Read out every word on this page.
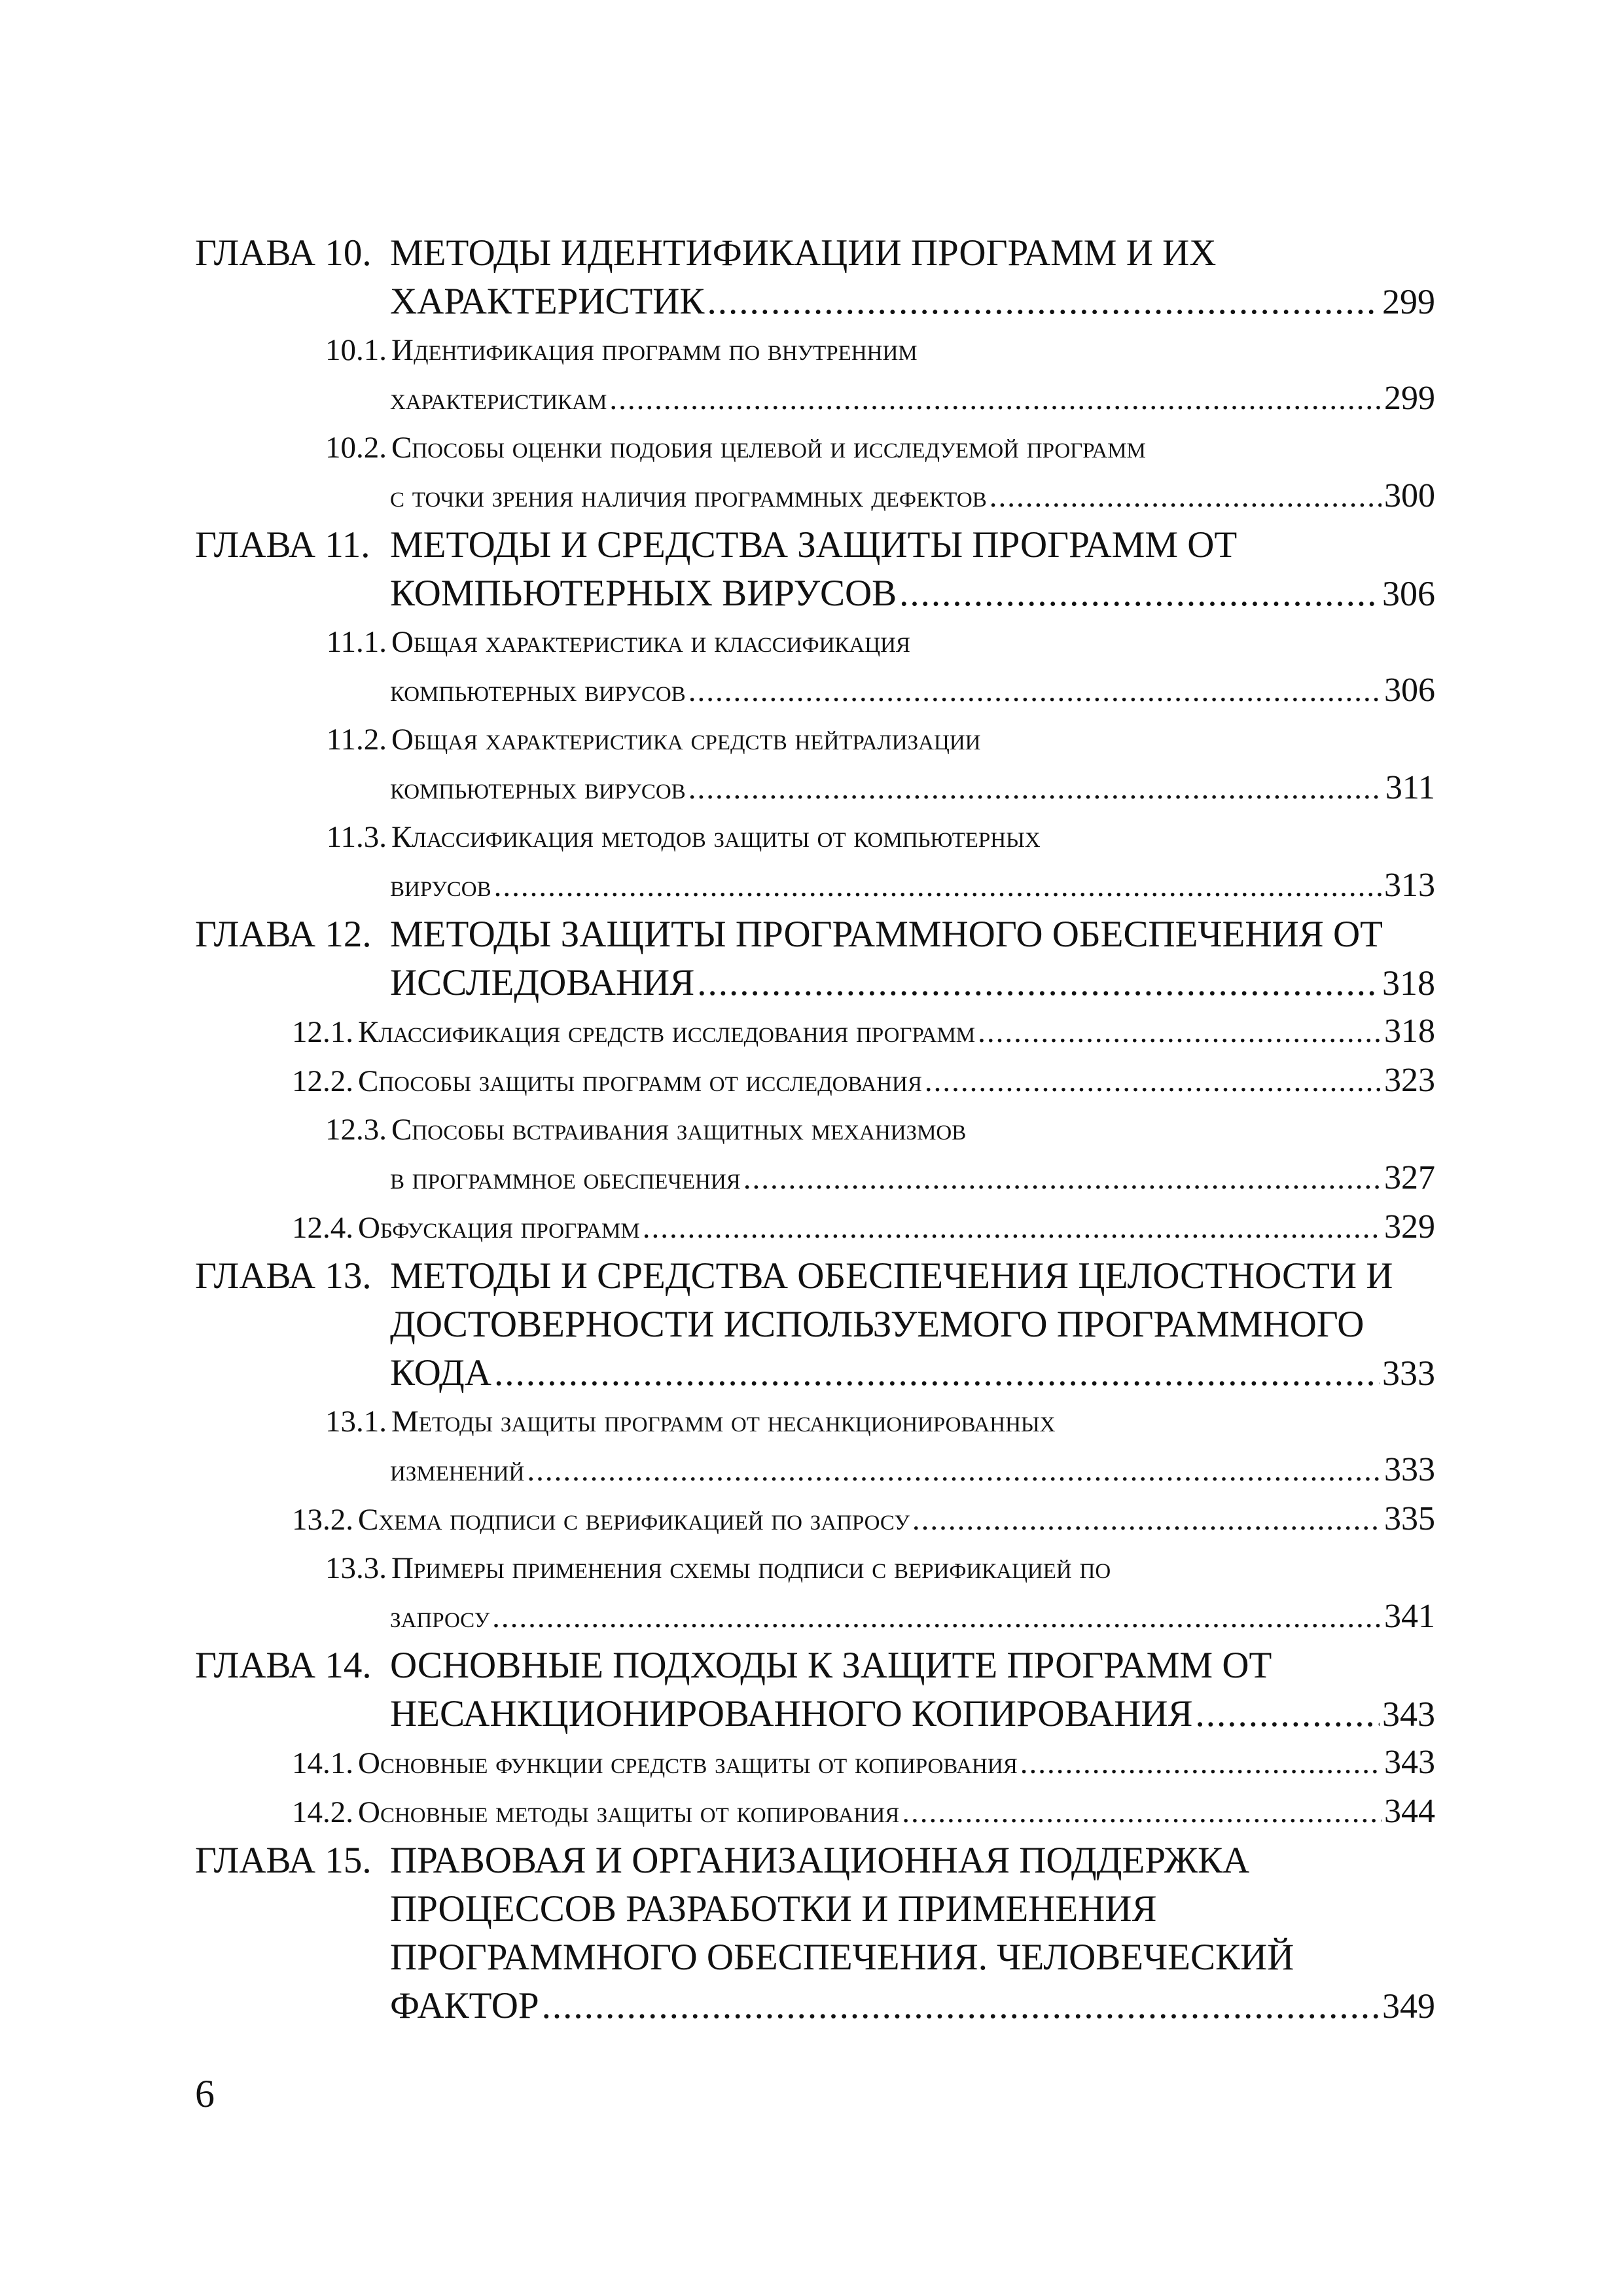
ГЛАВА 10. МЕТОДЫ ИДЕНТИФИКАЦИИ ПРОГРАММ И ИХ
ХАРАКТЕРИСТИК .....	299
10.1. Идентификация программ по внутренним
характеристикам .....	299
10.2. Способы оценки подобия целевой и исследуемой программ
с точки зрения наличия программных дефектов .....	300
ГЛАВА 11. МЕТОДЫ И СРЕДСТВА ЗАЩИТЫ ПРОГРАММ ОТ
КОМПЬЮТЕРНЫХ ВИРУСОВ .....	306
11.1. Общая характеристика и классификация
компьютерных вирусов .....	306
11.2. Общая характеристика средств нейтрализации
компьютерных вирусов .....	311
11.3. Классификация методов защиты от компьютерных
вирусов .....	313
ГЛАВА 12. МЕТОДЫ ЗАЩИТЫ ПРОГРАММНОГО ОБЕСПЕЧЕНИЯ ОТ
ИССЛЕДОВАНИЯ .....	318
12.1. Классификация средств исследования программ .....	318
12.2. Способы защиты программ от исследования .....	323
12.3. Способы встраивания защитных механизмов
в программное обеспечения .....	327
12.4. Обфускация программ .....	329
ГЛАВА 13. МЕТОДЫ И СРЕДСТВА ОБЕСПЕЧЕНИЯ ЦЕЛОСТНОСТИ И
ДОСТОВЕРНОСТИ ИСПОЛЬЗУЕМОГО ПРОГРАММНОГО
КОДА .....	333
13.1. Методы защиты программ от несанкционированных
изменений .....	333
13.2. Схема подписи с верификацией по запросу .....	335
13.3. Примеры применения схемы подписи с верификацией по
запросу .....	341
ГЛАВА 14. ОСНОВНЫЕ ПОДХОДЫ К ЗАЩИТЕ ПРОГРАММ ОТ
НЕСАНКЦИОНИРОВАННОГО КОПИРОВАНИЯ .....	343
14.1. Основные функции средств защиты от копирования .....	343
14.2. Основные методы защиты от копирования .....	344
ГЛАВА 15. ПРАВОВАЯ И ОРГАНИЗАЦИОННАЯ ПОДДЕРЖКА
ПРОЦЕССОВ РАЗРАБОТКИ И ПРИМЕНЕНИЯ
ПРОГРАММНОГО ОБЕСПЕЧЕНИЯ. ЧЕЛОВЕЧЕСКИЙ
ФАКТОР .....	349
6
